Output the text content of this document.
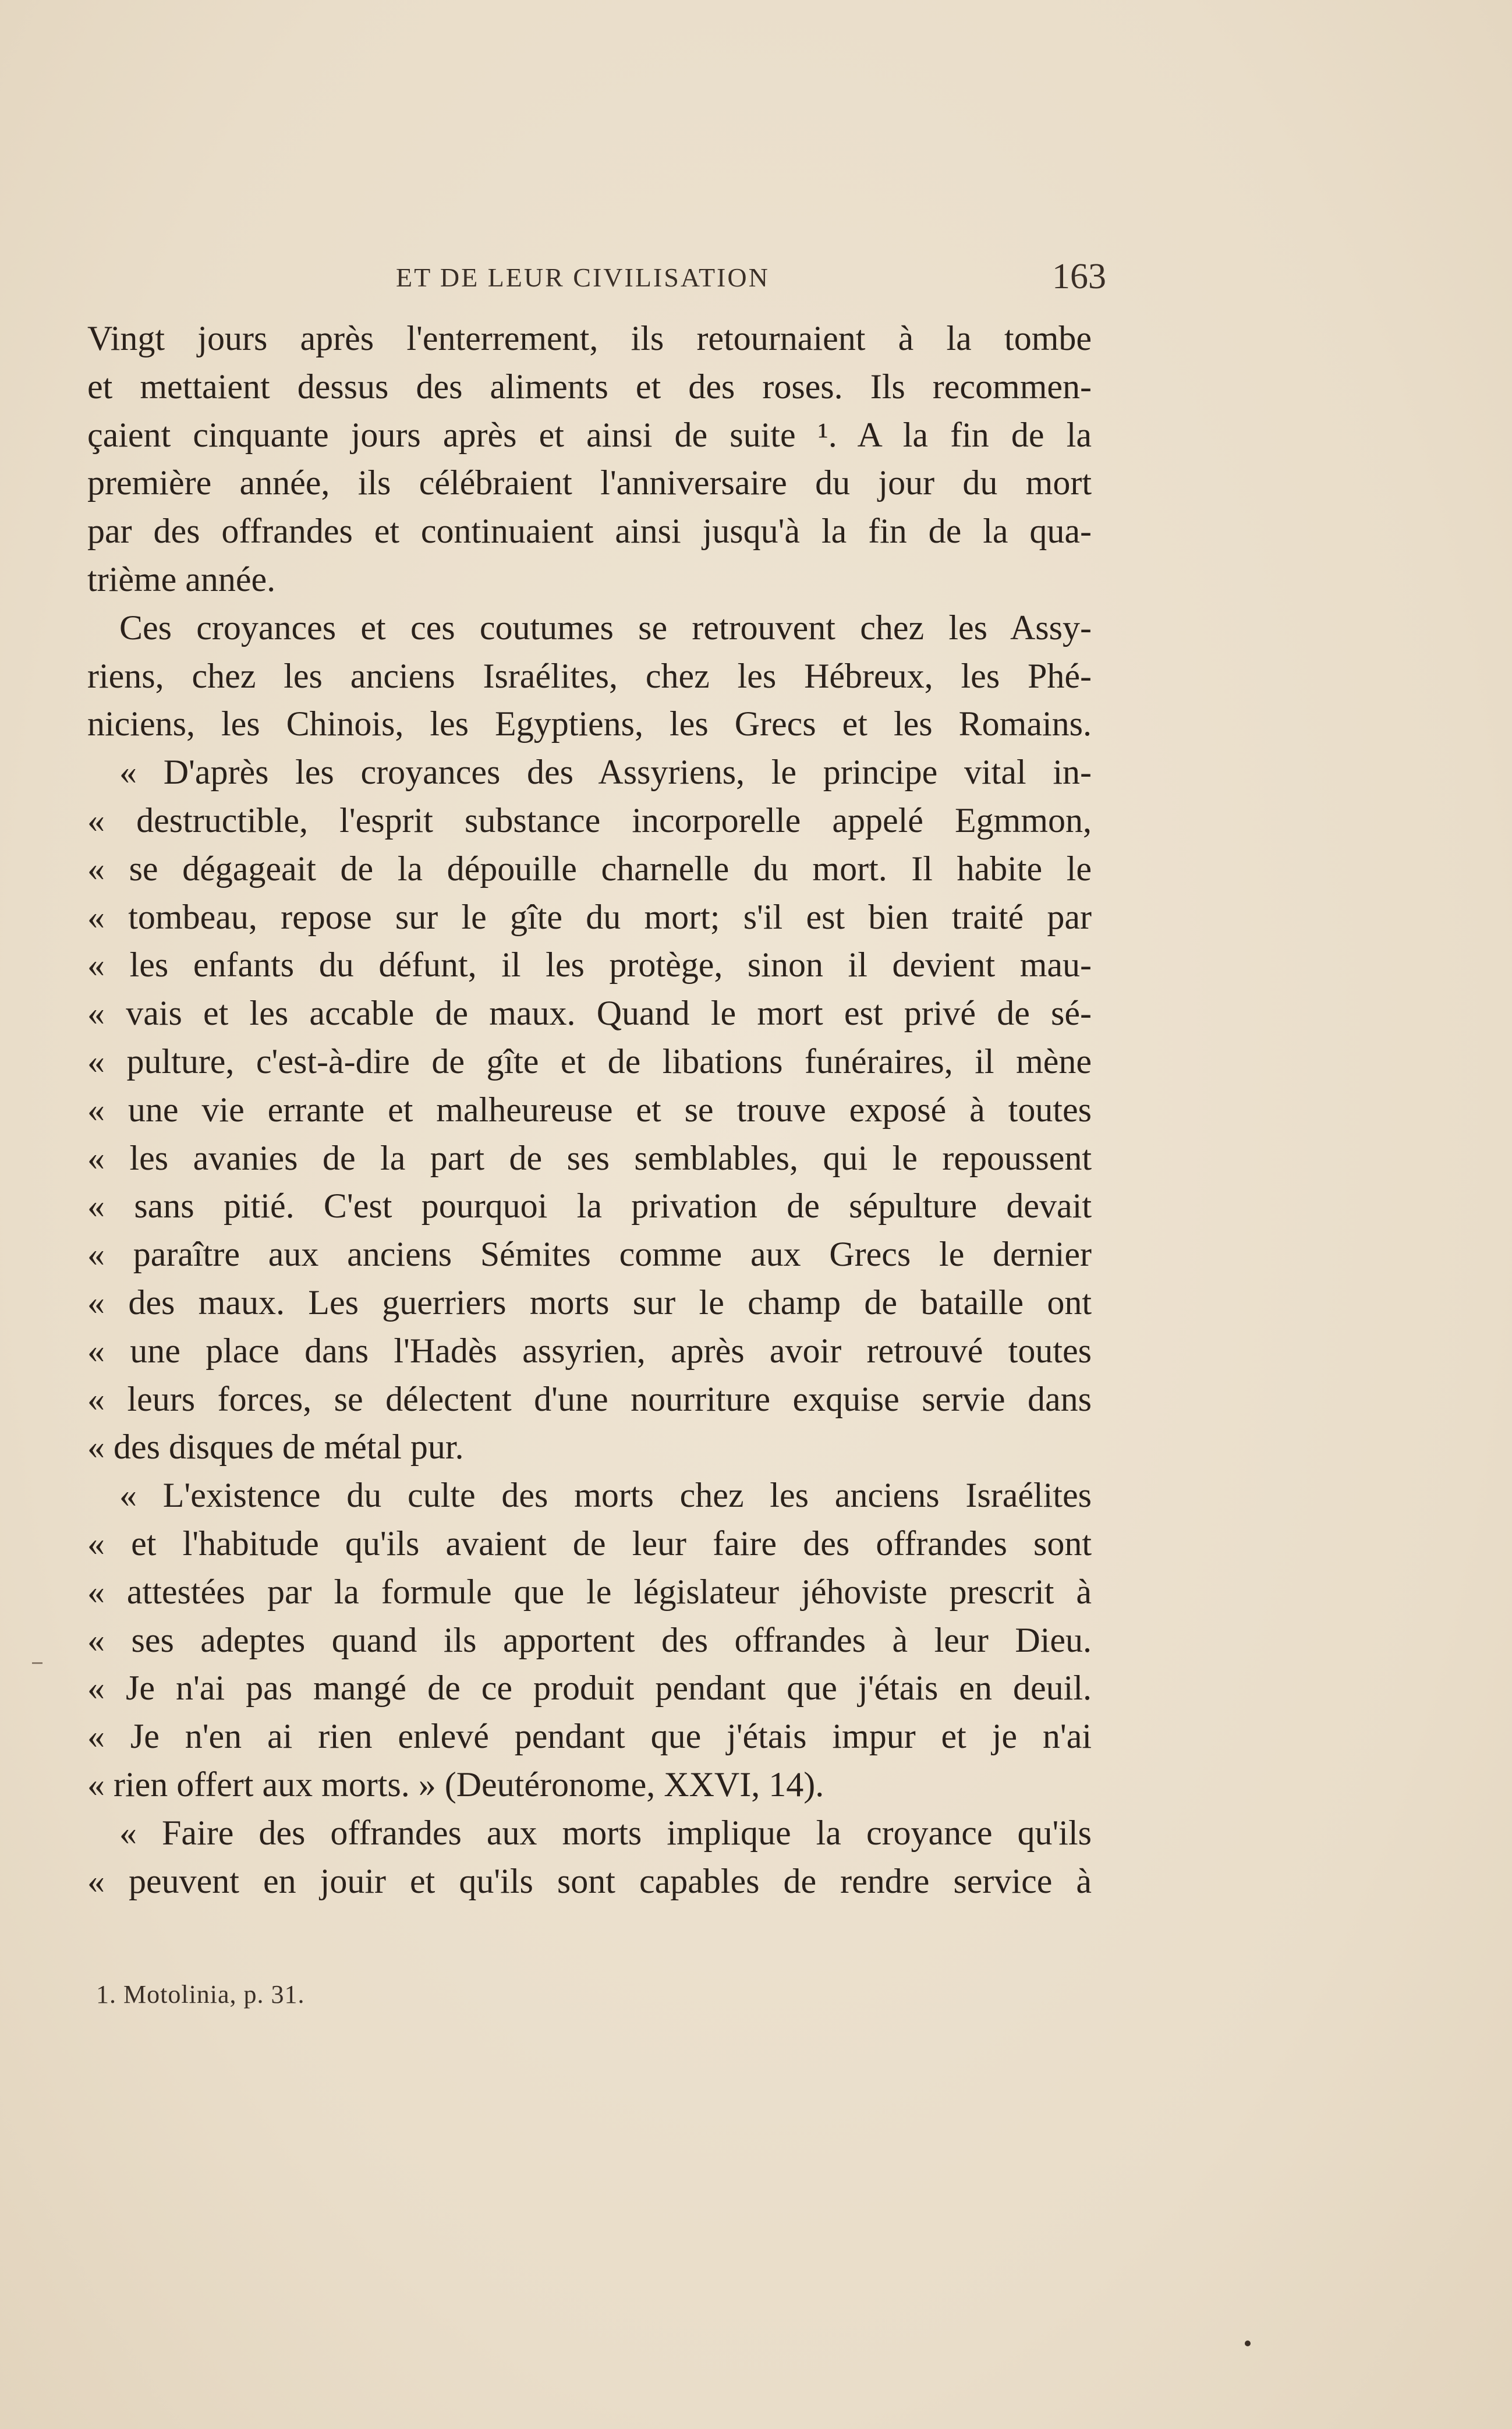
ET DE LEUR CIVILISATION	163
Vingt jours après l'enterrement, ils retournaient à la tombe
et mettaient dessus des aliments et des roses. Ils recommen-
çaient cinquante jours après et ainsi de suite ¹. A la fin de la
première année, ils célébraient l'anniversaire du jour du mort
par des offrandes et continuaient ainsi jusqu'à la fin de la qua-
trième année.
Ces croyances et ces coutumes se retrouvent chez les Assy-
riens, chez les anciens Israélites, chez les Hébreux, les Phé-
niciens, les Chinois, les Egyptiens, les Grecs et les Romains.
« D'après les croyances des Assyriens, le principe vital in-
« destructible, l'esprit substance incorporelle appelé Egmmon,
« se dégageait de la dépouille charnelle du mort. Il habite le
« tombeau, repose sur le gîte du mort; s'il est bien traité par
« les enfants du défunt, il les protège, sinon il devient mau-
« vais et les accable de maux. Quand le mort est privé de sé-
« pulture, c'est-à-dire de gîte et de libations funéraires, il mène
« une vie errante et malheureuse et se trouve exposé à toutes
« les avanies de la part de ses semblables, qui le repoussent
« sans pitié. C'est pourquoi la privation de sépulture devait
« paraître aux anciens Sémites comme aux Grecs le dernier
« des maux. Les guerriers morts sur le champ de bataille ont
« une place dans l'Hadès assyrien, après avoir retrouvé toutes
« leurs forces, se délectent d'une nourriture exquise servie dans
« des disques de métal pur.
« L'existence du culte des morts chez les anciens Israélites
« et l'habitude qu'ils avaient de leur faire des offrandes sont
« attestées par la formule que le législateur jéhoviste prescrit à
« ses adeptes quand ils apportent des offrandes à leur Dieu.
« Je n'ai pas mangé de ce produit pendant que j'étais en deuil.
« Je n'en ai rien enlevé pendant que j'étais impur et je n'ai
« rien offert aux morts. » (Deutéronome, XXVI, 14).
« Faire des offrandes aux morts implique la croyance qu'ils
« peuvent en jouir et qu'ils sont capables de rendre service à
1. Motolinia, p. 31.
